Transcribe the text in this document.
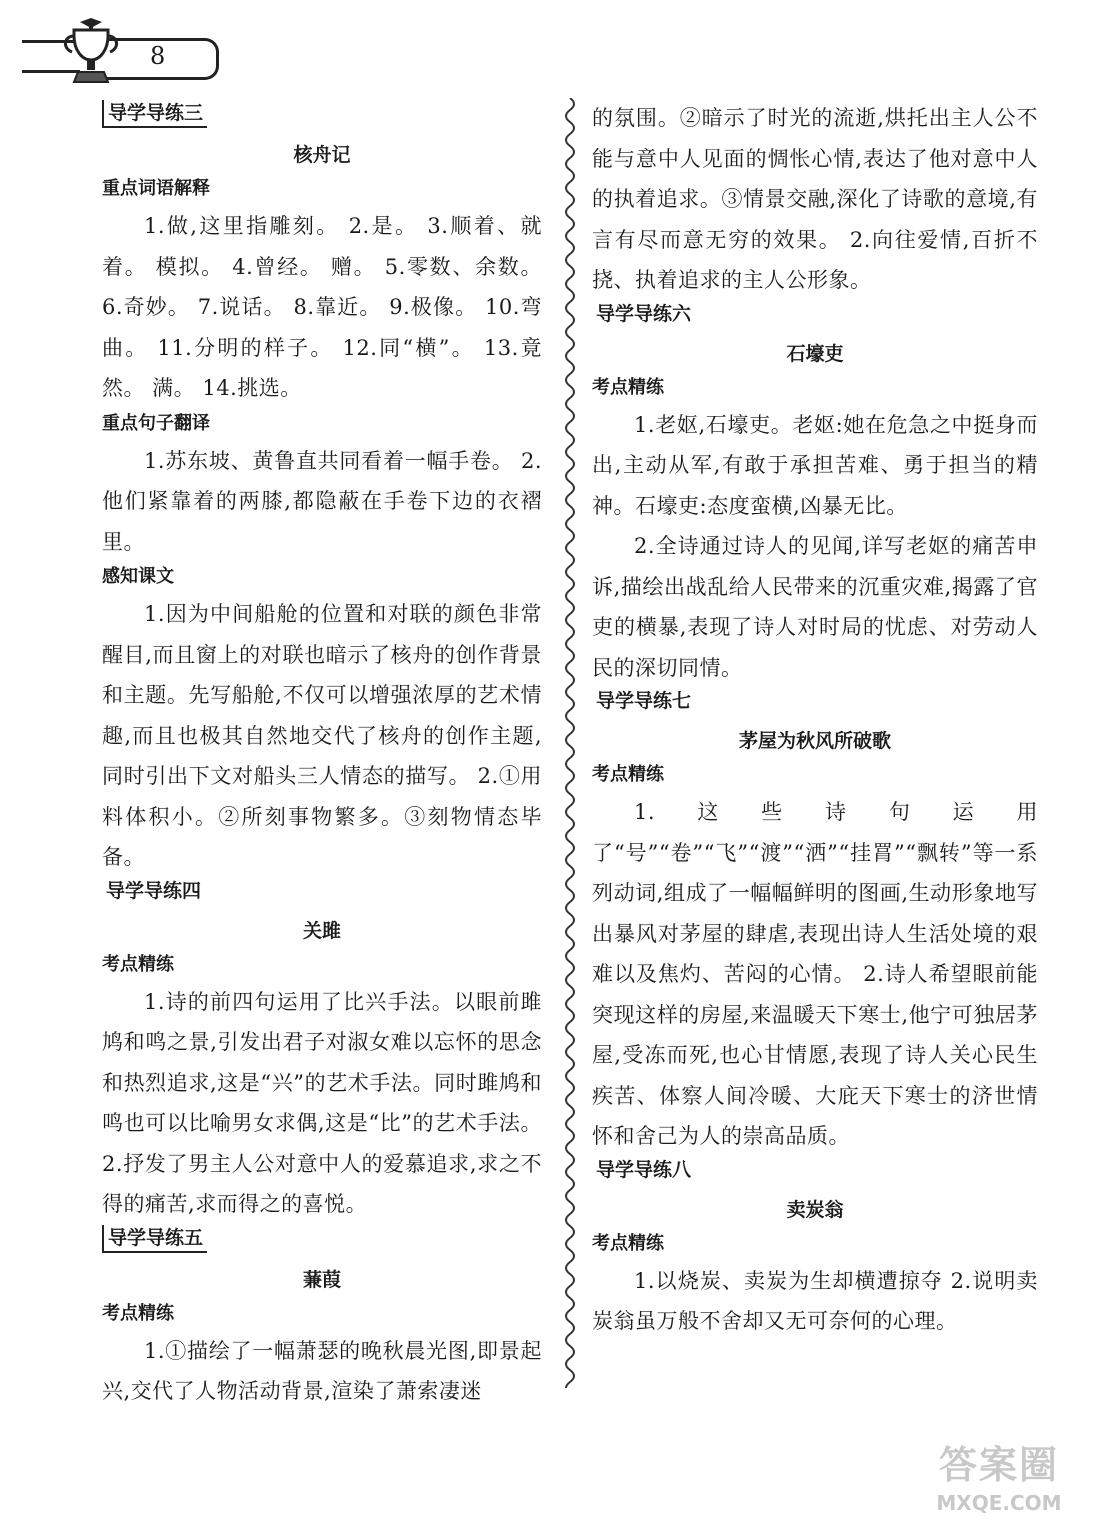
8
导学导练三
核舟记
重点词语解释

1.做,这里指雕刻。 2.是。 3.顺着、就着。 模拟。 4.曾经。 赠。 5.零数、余数。 6.奇妙。 7.说话。 8.靠近。 9.极像。 10.弯曲。 11.分明的样子。 12.同“横”。 13.竟然。 满。 14.挑选。

重点句子翻译

1.苏东坡、黄鲁直共同看着一幅手卷。 2.他们紧靠着的两膝,都隐蔽在手卷下边的衣褶里。

感知课文

1.因为中间船舱的位置和对联的颜色非常醒目,而且窗上的对联也暗示了核舟的创作背景和主题。先写船舱,不仅可以增强浓厚的艺术情趣,而且也极其自然地交代了核舟的创作主题,同时引出下文对船头三人情态的描写。 2.①用料体积小。②所刻事物繁多。③刻物情态毕备。

导学导练四
关雎
考点精练

1.诗的前四句运用了比兴手法。以眼前雎鸠和鸣之景,引发出君子对淑女难以忘怀的思念和热烈追求,这是“兴”的艺术手法。同时雎鸠和鸣也可以比喻男女求偶,这是“比”的艺术手法。 2.抒发了男主人公对意中人的爱慕追求,求之不得的痛苦,求而得之的喜悦。

导学导练五
蒹葭
考点精练

1.①描绘了一幅萧瑟的晚秋晨光图,即景起兴,交代了人物活动背景,渲染了萧索凄迷

的氛围。②暗示了时光的流逝,烘托出主人公不能与意中人见面的惆怅心情,表达了他对意中人的执着追求。③情景交融,深化了诗歌的意境,有言有尽而意无穷的效果。 2.向往爱情,百折不挠、执着追求的主人公形象。

导学导练六
石壕吏
考点精练

1.老妪,石壕吏。老妪:她在危急之中挺身而出,主动从军,有敢于承担苦难、勇于担当的精神。石壕吏:态度蛮横,凶暴无比。

2.全诗通过诗人的见闻,详写老妪的痛苦申诉,描绘出战乱给人民带来的沉重灾难,揭露了官吏的横暴,表现了诗人对时局的忧虑、对劳动人民的深切同情。

导学导练七
茅屋为秋风所破歌
考点精练

1.这些诗句运用了“号”“卷”“飞”“渡”“洒”“挂罥”“飘转”等一系列动词,组成了一幅幅鲜明的图画,生动形象地写出暴风对茅屋的肆虐,表现出诗人生活处境的艰难以及焦灼、苦闷的心情。 2.诗人希望眼前能突现这样的房屋,来温暖天下寒士,他宁可独居茅屋,受冻而死,也心甘情愿,表现了诗人关心民生疾苦、体察人间冷暖、大庇天下寒士的济世情怀和舍己为人的崇高品质。

导学导练八
卖炭翁
考点精练

1.以烧炭、卖炭为生却横遭掠夺 2.说明卖炭翁虽万般不舍却又无可奈何的心理。

答案圈
MXQE.COM
